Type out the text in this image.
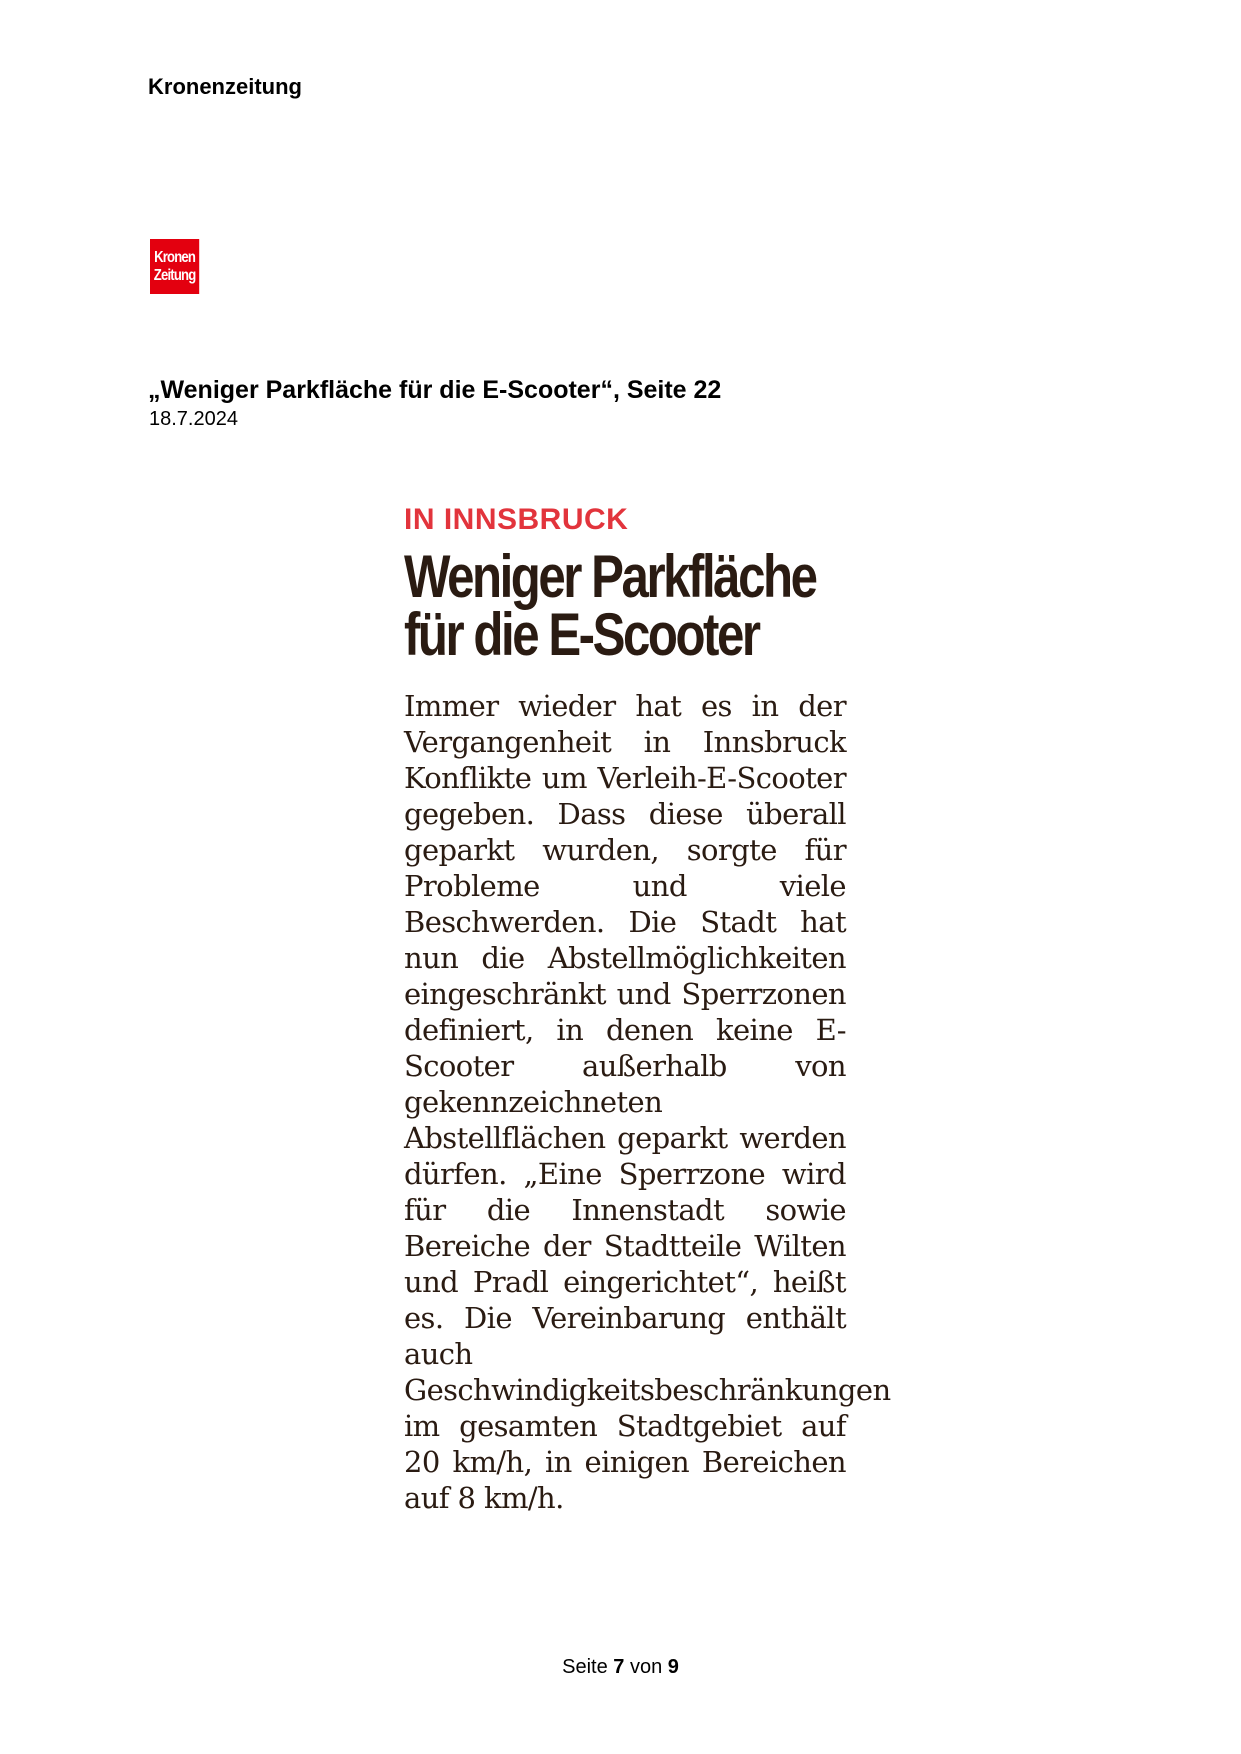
Kronenzeitung
Kronen
Zeitung
„Weniger Parkfläche für die E-Scooter“, Seite 22
18.7.2024
IN INNSBRUCK
Weniger Parkfläche
für die E-Scooter
Immer wieder hat es in der Vergangenheit in Innsbruck Konflikte um Verleih-E-Scooter gegeben. Dass diese überall geparkt wurden, sorgte für Probleme und viele Beschwerden. Die Stadt hat nun die Abstellmöglichkeiten eingeschränkt und Sperrzonen definiert, in denen keine E-Scooter außerhalb von gekennzeichneten Abstellflächen geparkt werden dürfen. „Eine Sperrzone wird für die Innenstadt sowie Bereiche der Stadtteile Wilten und Pradl eingerichtet“, heißt es. Die Vereinbarung enthält auch Geschwindigkeitsbeschränkungen im gesamten Stadtgebiet auf 20 km/h, in einigen Bereichen auf 8 km/h.
Seite 7 von 9
